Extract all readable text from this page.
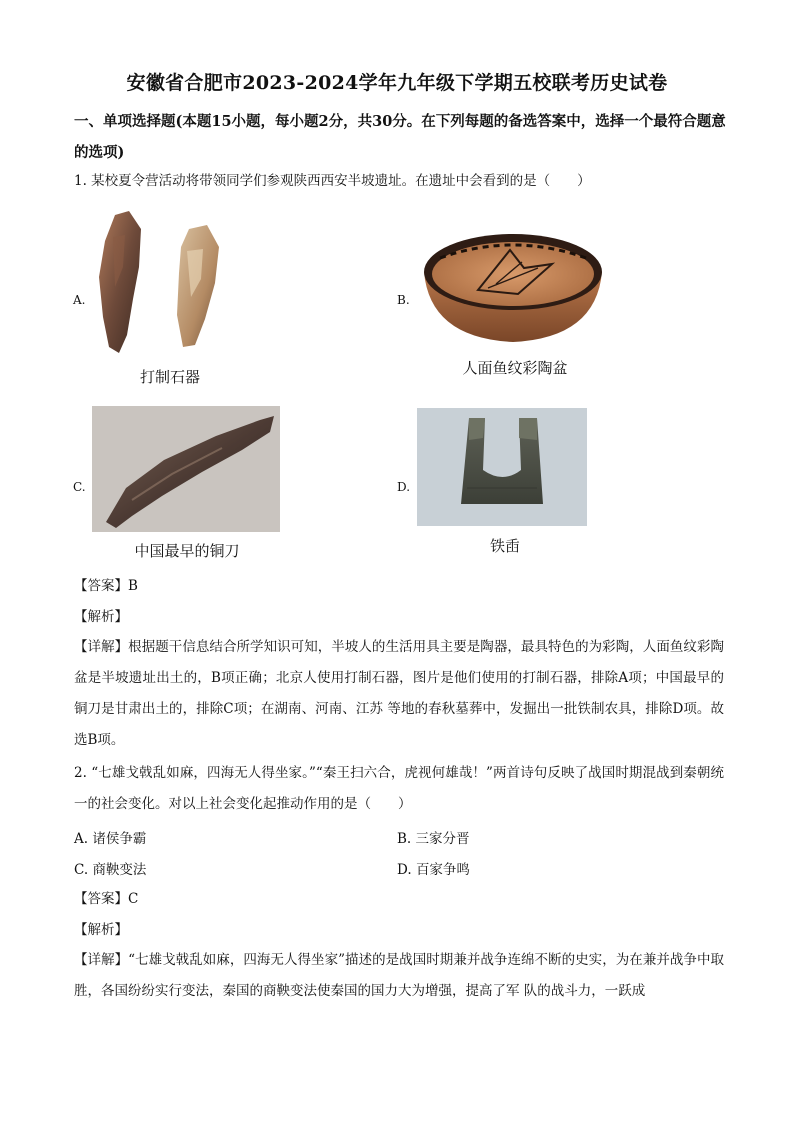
安徽省合肥市2023-2024学年九年级下学期五校联考历史试卷
一、单项选择题(本题15小题，每小题2分，共30分。在下列每题的备选答案中，选择一个最符合题意的选项)
1. 某校夏令营活动将带领同学们参观陕西西安半坡遗址。在遗址中会看到的是（　　）
A.
打制石器
B.
人面鱼纹彩陶盆
C.
中国最早的铜刀
D.
铁臿
【答案】B
【解析】
【详解】根据题干信息结合所学知识可知，半坡人的生活用具主要是陶器，最具特色的为彩陶，人面鱼纹彩陶盆是半坡遗址出土的，B项正确；北京人使用打制石器，图片是他们使用的打制石器，排除A项；中国最早的铜刀是甘肃出土的，排除C项；在湖南、河南、江苏 等地的春秋墓葬中，发掘出一批铁制农具，排除D项。故选B项。
2. “七雄戈戟乱如麻，四海无人得坐家。”“秦王扫六合，虎视何雄哉！”两首诗句反映了战国时期混战到秦朝统一的社会变化。对以上社会变化起推动作用的是（　　）
A. 诸侯争霸	B. 三家分晋
C. 商鞅变法	D. 百家争鸣
【答案】C
【解析】
【详解】“七雄戈戟乱如麻，四海无人得坐家”描述的是战国时期兼并战争连绵不断的史实，为在兼并战争中取胜，各国纷纷实行变法，秦国的商鞅变法使秦国的国力大为增强，提高了军 队的战斗力，一跃成
